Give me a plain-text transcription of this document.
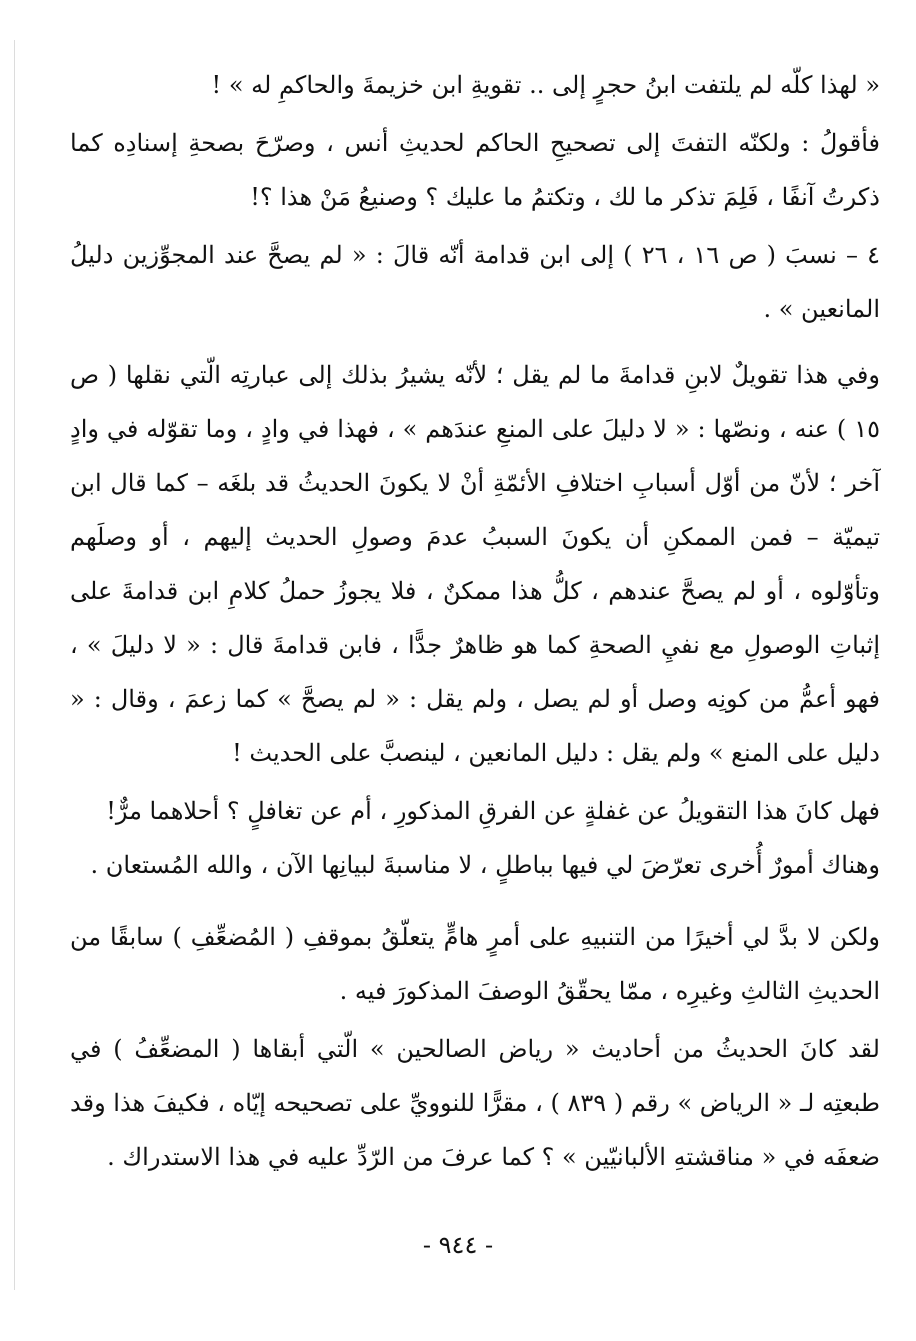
« لهذا كلّه لم يلتفت ابنُ حجرٍ إلى .. تقويةِ ابن خزيمةَ والحاكمِ له » !

فأقولُ : ولكنّه التفتَ إلى تصحيحِ الحاكم لحديثِ أنس ، وصرّحَ بصحةِ إسنادِه كما ذكرتُ آنفًا ، فَلِمَ تذكر ما لك ، وتكتمُ ما عليك ؟ وصنيعُ مَنْ هذا ؟!

٤ – نسبَ ( ص ١٦ ، ٢٦ ) إلى ابن قدامة أنّه قالَ : « لم يصحَّ عند المجوِّزين دليلُ المانعين » .

وفي هذا تقويلٌ لابنِ قدامةَ ما لم يقل ؛ لأنّه يشيرُ بذلك إلى عبارتِه الّتي نقلها ( ص ١٥ ) عنه ، ونصّها : « لا دليلَ على المنعِ عندَهم » ، فهذا في وادٍ ، وما تقوّله في وادٍ آخر ؛ لأنّ من أوّل أسبابِ اختلافِ الأئمّةِ أنْ لا يكونَ الحديثُ قد بلغَه – كما قال ابن تيميّة – فمن الممكنِ أن يكونَ السببُ عدمَ وصولِ الحديث إليهم ، أو وصلَهم وتأوّلوه ، أو لم يصحَّ عندهم ، كلُّ هذا ممكنٌ ، فلا يجوزُ حملُ كلامِ ابن قدامةَ على إثباتِ الوصولِ مع نفيِ الصحةِ كما هو ظاهرٌ جدًّا ، فابن قدامةَ قال : « لا دليلَ » ، فهو أعمُّ من كونِه وصل أو لم يصل ، ولم يقل : « لم يصحَّ » كما زعمَ ، وقال : « دليل على المنع » ولم يقل : دليل المانعين ، لينصبَّ على الحديث !

فهل كانَ هذا التقويلُ عن غفلةٍ عن الفرقِ المذكورِ ، أم عن تغافلٍ ؟ أحلاهما مرٌّ!

وهناك أمورٌ أُخرى تعرّضَ لي فيها بباطلٍ ، لا مناسبةَ لبيانِها الآن ، والله المُستعان .

ولكن لا بدَّ لي أخيرًا من التنبيهِ على أمرٍ هامٍّ يتعلّقُ بموقفِ ( المُضعِّفِ ) سابقًا من الحديثِ الثالثِ وغيرِه ، ممّا يحقّقُ الوصفَ المذكورَ فيه .

لقد كانَ الحديثُ من أحاديث « رياض الصالحين » الّتي أبقاها ( المضعِّفُ ) في طبعتِه لـ « الرياض » رقم ( ٨٣٩ ) ، مقرًّا للنوويِّ على تصحيحه إيّاه ، فكيفَ هذا وقد ضعفَه في « مناقشتهِ الألبانيّين » ؟ كما عرفَ من الرّدِّ عليه في هذا الاستدراك .

- ٩٤٤ -
